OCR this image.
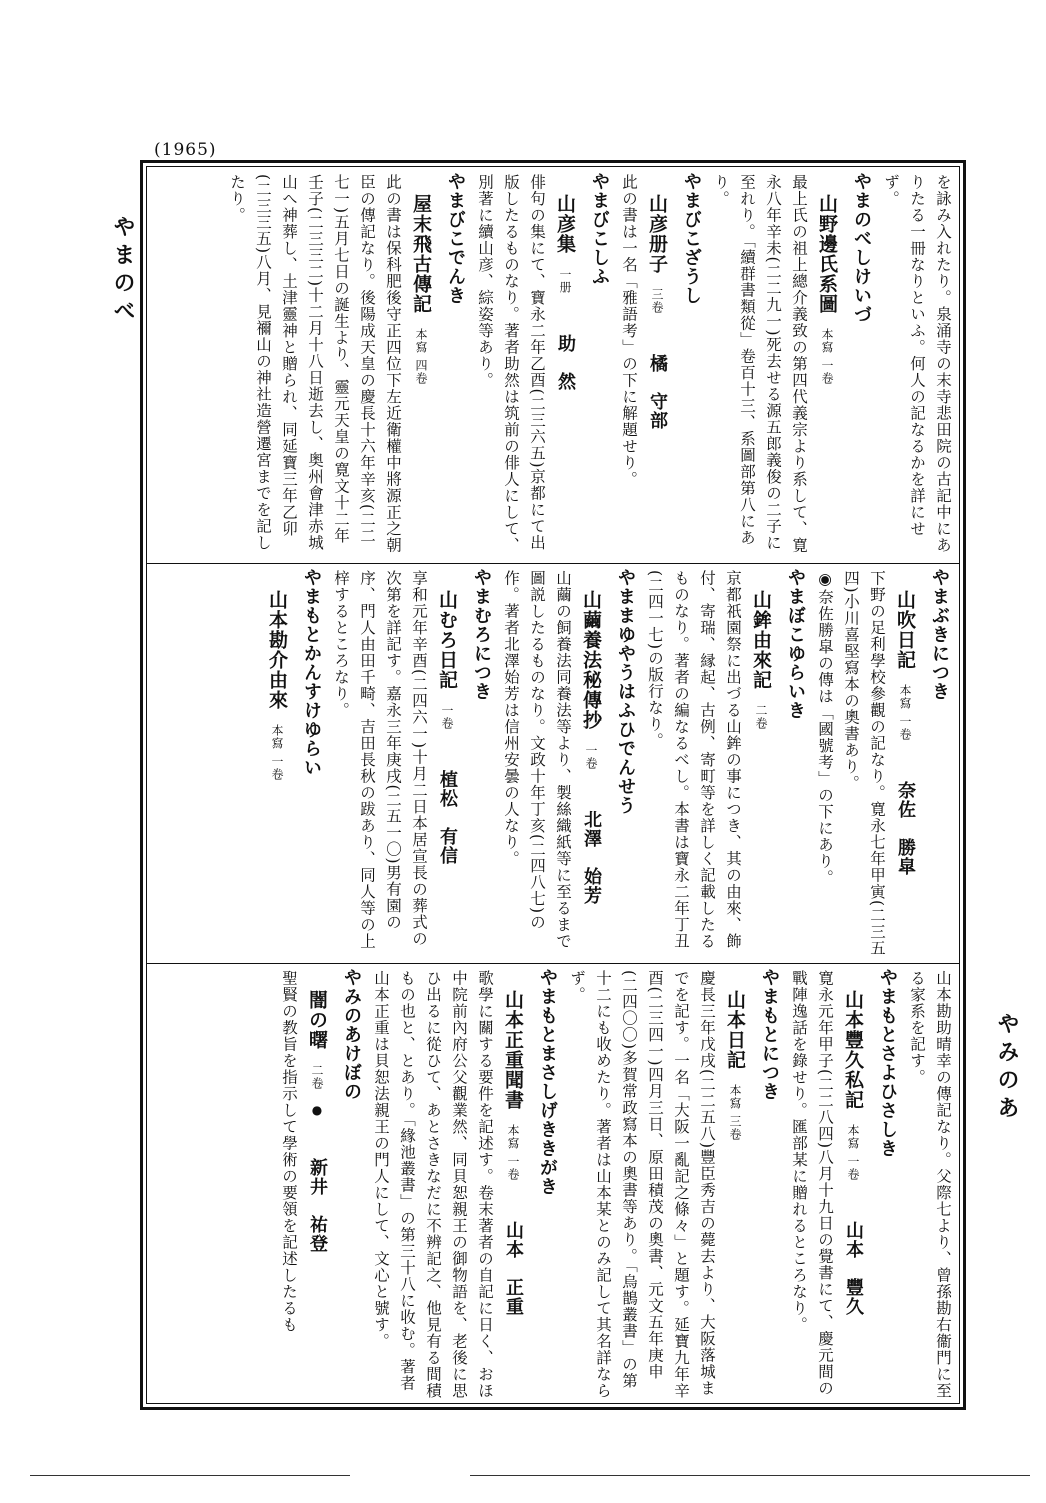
(1965)
やまのべ
やみのあ

を詠み入れたり。泉涌寺の末寺悲田院の古記中にありたる一冊なりといふ。何人の記なるかを詳にせず。

やまのべしけいづ

山野邊氏系圖本寫 一卷

最上氏の祖上總介義致の第四代義宗より系して、寛永八年辛未(二二九一)死去せる源五郎義俊の二子に至れり。「續群書類從」卷百十三、系圖部第八にあり。

やまびこざうし

山彦册子三卷橘　守部

此の書は一名「雅語考」の下に解題せり。

やまびこしふ

山彦集一册助　然

俳句の集にて、寶永二年乙酉(二三六五)京都にて出版したるものなり。著者助然は筑前の俳人にして、別著に續山彦、綜姿等あり。

やまびこでんき

屋末飛古傳記本寫 四卷

此の書は保科肥後守正四位下左近衛權中將源正之朝臣の傳記なり。後陽成天皇の慶長十六年辛亥(二二七一)五月七日の誕生より、靈元天皇の寛文十二年壬子(二三三二)十二月十八日逝去し、奥州會津赤城山へ神葬し、土津靈神と贈られ、同延寶三年乙卯(二三三五)八月、見禰山の神社造營遷宮までを記したり。

やまぶきにつき

山吹日記本寫 一卷奈佐　勝皐

下野の足利學校參觀の記なり。寛永七年甲寅(二三五四)小川喜堅寫本の奧書あり。

◉奈佐勝皐の傳は「國號考」の下にあり。

やまぼこゆらいき

山鉾由來記二卷

京都祇園祭に出づる山鉾の事につき、其の由來、飾付、寄瑞、縁起、古例、寄町等を詳しく記載したるものなり。著者の編なるべし。本書は寶永二年丁丑(二四一七)の版行なり。

やままゆやうはふひでんせう

山繭養法秘傳抄一卷北澤　始芳

山繭の飼養法同養法等より、製絲織紙等に至るまで圖説したるものなり。文政十年丁亥(二四八七)の作。著者北澤始芳は信州安曇の人なり。

やまむろにつき

山むろ日記一卷植松　有信

享和元年辛酉(二四六一)十月二日本居宣長の葬式の次第を詳記す。嘉永三年庚戌(二五一〇)男有園の序、門人由田千畸、吉田長秋の跋あり、同人等の上梓するところなり。

やまもとかんすけゆらい

山本勘介由來本寫 一卷

山本勘助晴幸の傳記なり。父際七より、曾孫勘右衞門に至る家系を記す。

やまもとさよひさしき

山本豐久私記本寫 一卷山本　豐久

寛永元年甲子(二二八四)八月十九日の覺書にて、慶元間の戰陣逸話を錄せり。匯部某に贈れるところなり。

やまもとにつき

山本日記本寫 三卷

慶長三年戊戌(二二五八)豐臣秀吉の薨去より、大阪落城までを記す。一名「大阪一亂記之條々」と題す。延寶九年辛酉(二三四一)四月三日、原田積茂の奧書、元文五年庚申(二四〇〇)多賀常政寫本の奧書等あり。「烏鵲叢書」の第十二にも收めたり。著者は山本某とのみ記して其名詳ならず。

やまもとまさしげききがき

山本正重聞書本寫 一卷山本　正重

歌學に關する要件を記述す。卷末著者の自記に日く、おほ中院前內府公父觀業然、同貝恕親王の御物語を、老後に思ひ出るに從ひて、あとさきなだに不辨記之、他見有る間積もの也と、とあり。「緣池叢書」の第三十八に收む。著者山本正重は貝恕法親王の門人にして、文心と號す。

やみのあけぼの

闇の曙二卷　●新井　祐登

聖賢の教旨を指示して學術の要領を記述したるも
